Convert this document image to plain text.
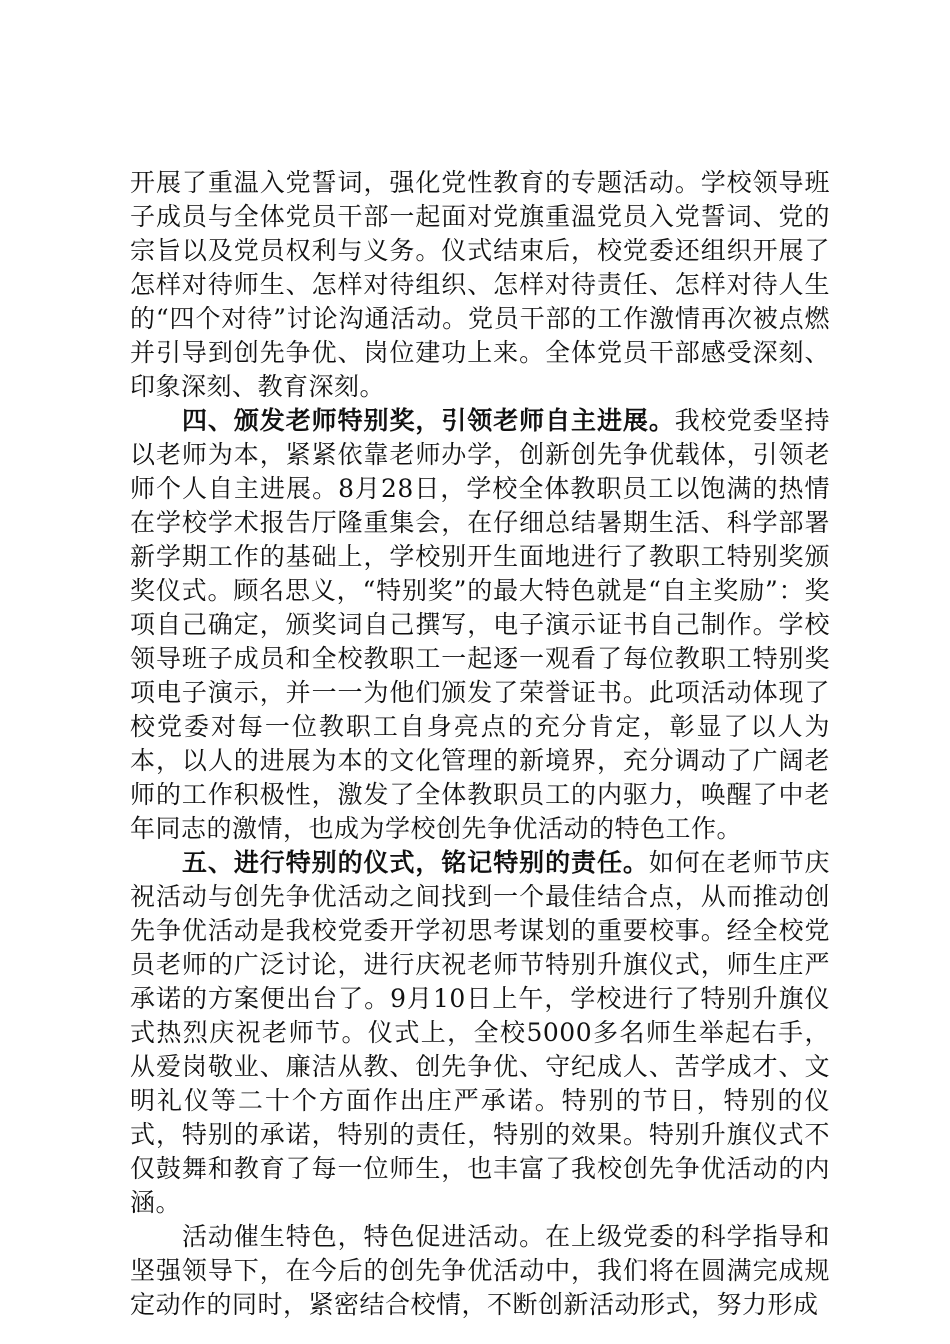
开展了重温入党誓词，强化党性教育的专题活动。学校领导班子成员与全体党员干部一起面对党旗重温党员入党誓词、党的宗旨以及党员权利与义务。仪式结束后，校党委还组织开展了怎样对待师生、怎样对待组织、怎样对待责任、怎样对待人生的“四个对待”讨论沟通活动。党员干部的工作激情再次被点燃并引导到创先争优、岗位建功上来。全体党员干部感受深刻、印象深刻、教育深刻。

四、颁发老师特别奖，引领老师自主进展。我校党委坚持以老师为本，紧紧依靠老师办学，创新创先争优载体，引领老师个人自主进展。8月28日，学校全体教职员工以饱满的热情在学校学术报告厅隆重集会，在仔细总结暑期生活、科学部署新学期工作的基础上，学校别开生面地进行了教职工特别奖颁奖仪式。顾名思义，“特别奖”的最大特色就是“自主奖励”：奖项自己确定，颁奖词自己撰写，电子演示证书自己制作。学校领导班子成员和全校教职工一起逐一观看了每位教职工特别奖项电子演示，并一一为他们颁发了荣誉证书。此项活动体现了校党委对每一位教职工自身亮点的充分肯定，彰显了以人为本，以人的进展为本的文化管理的新境界，充分调动了广阔老师的工作积极性，激发了全体教职员工的内驱力，唤醒了中老年同志的激情，也成为学校创先争优活动的特色工作。

五、进行特别的仪式，铭记特别的责任。如何在老师节庆祝活动与创先争优活动之间找到一个最佳结合点，从而推动创先争优活动是我校党委开学初思考谋划的重要校事。经全校党员老师的广泛讨论，进行庆祝老师节特别升旗仪式，师生庄严承诺的方案便出台了。9月10日上午，学校进行了特别升旗仪式热烈庆祝老师节。仪式上，全校5000多名师生举起右手，从爱岗敬业、廉洁从教、创先争优、守纪成人、苦学成才、文明礼仪等二十个方面作出庄严承诺。特别的节日，特别的仪式，特别的承诺，特别的责任，特别的效果。特别升旗仪式不仅鼓舞和教育了每一位师生，也丰富了我校创先争优活动的内涵。

活动催生特色，特色促进活动。在上级党委的科学指导和坚强领导下，在今后的创先争优活动中，我们将在圆满完成规定动作的同时，紧密结合校情，不断创新活动形式，努力形成
